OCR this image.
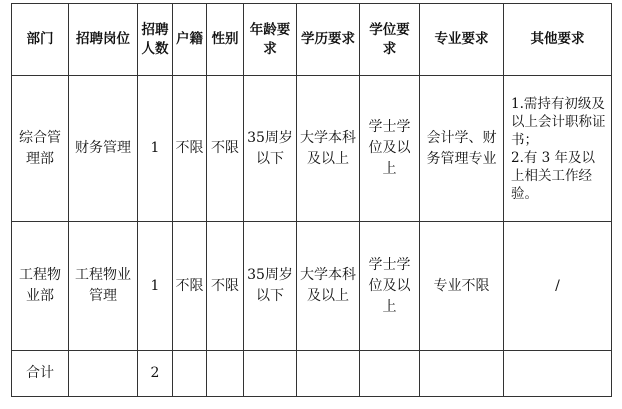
部门	招聘岗位	招聘人数	户籍	性别	年龄要求	学历要求	学位要求	专业要求	其他要求
综合管理部	财务管理	1	不限	不限	35周岁以下	大学本科及以上	学士学位及以上	会计学、财务管理专业	1.需持有初级及以上会计职称证书；
2.有 3 年及以上相关工作经验。

工程物业部	工程物业管理	1	不限	不限	35周岁以下	大学本科及以上	学士学位及以上	专业不限	/
合计		2							
